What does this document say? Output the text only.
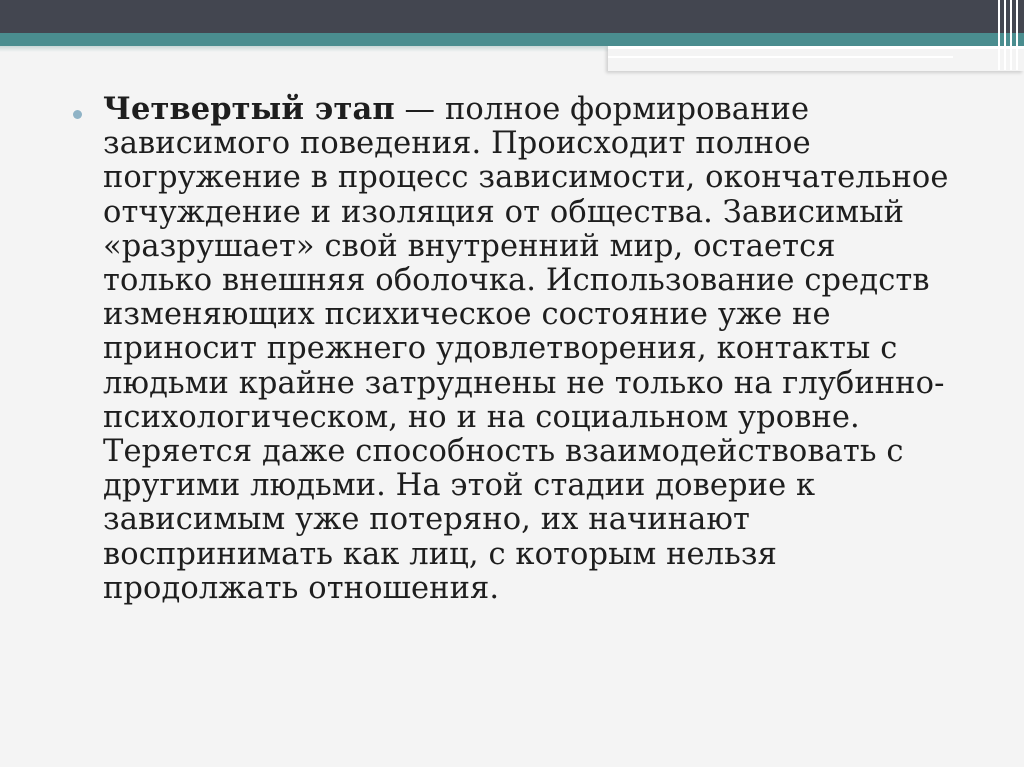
Четвертый этап — полное формирование зависимого поведения. Происходит полное погружение в процесс зависимости, окончательное отчуждение и изоляция от общества. Зависимый «разрушает» свой внутренний мир, остается только внешняя оболочка. Использование средств изменяющих психическое состояние уже не приносит прежнего удовлетворения, контакты с людьми крайне затруднены не только на глубинно-психологическом, но и на социальном уровне. Теряется даже способность взаимодействовать с другими людьми. На этой стадии доверие к зависимым уже потеряно, их начинают воспринимать как лиц, с которым нельзя продолжать отношения.
